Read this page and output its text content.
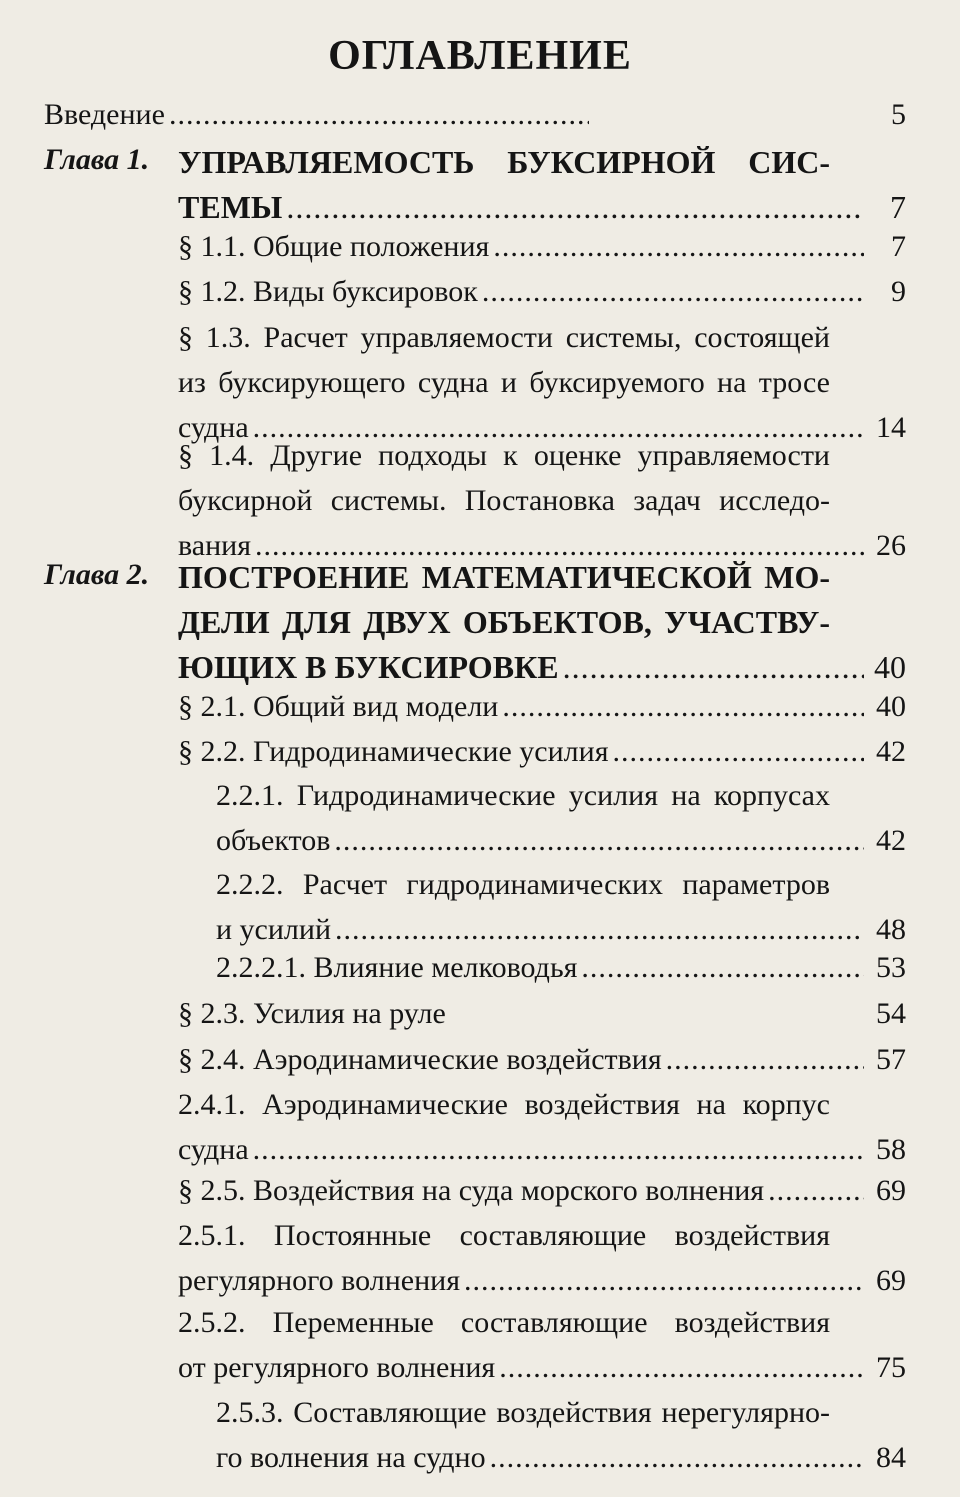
ОГЛАВЛЕНИЕ
Введение .....	5
Глава 1. УПРАВЛЯЕМОСТЬ БУКСИРНОЙ СИС-
ТЕМЫ .....	7
§ 1.1. Общие положения .....	7
§ 1.2. Виды буксировок .....	9
§ 1.3. Расчет управляемости системы, состоящей
из буксирующего судна и буксируемого на тросе
судна .....	14
§ 1.4. Другие подходы к оценке управляемости
буксирной системы. Постановка задач исследо-
вания .....	26
Глава 2. ПОСТРОЕНИЕ МАТЕМАТИЧЕСКОЙ МО-
ДЕЛИ ДЛЯ ДВУХ ОБЪЕКТОВ, УЧАСТВУ-
ЮЩИХ В БУКСИРОВКЕ .....	40
§ 2.1. Общий вид модели .....	40
§ 2.2. Гидродинамические усилия .....	42
2.2.1. Гидродинамические усилия на корпусах
объектов .....	42
2.2.2. Расчет гидродинамических параметров
и усилий .....	48
2.2.2.1. Влияние мелководья .....	53
§ 2.3. Усилия на руле	54
§ 2.4. Аэродинамические воздействия .....	57
2.4.1. Аэродинамические воздействия на корпус
судна .....	58
§ 2.5. Воздействия на суда морского волнения .....	69
2.5.1. Постоянные составляющие воздействия
регулярного волнения .....	69
2.5.2. Переменные составляющие воздействия
от регулярного волнения .....	75
2.5.3. Составляющие воздействия нерегулярно-
го волнения на судно .....	84
